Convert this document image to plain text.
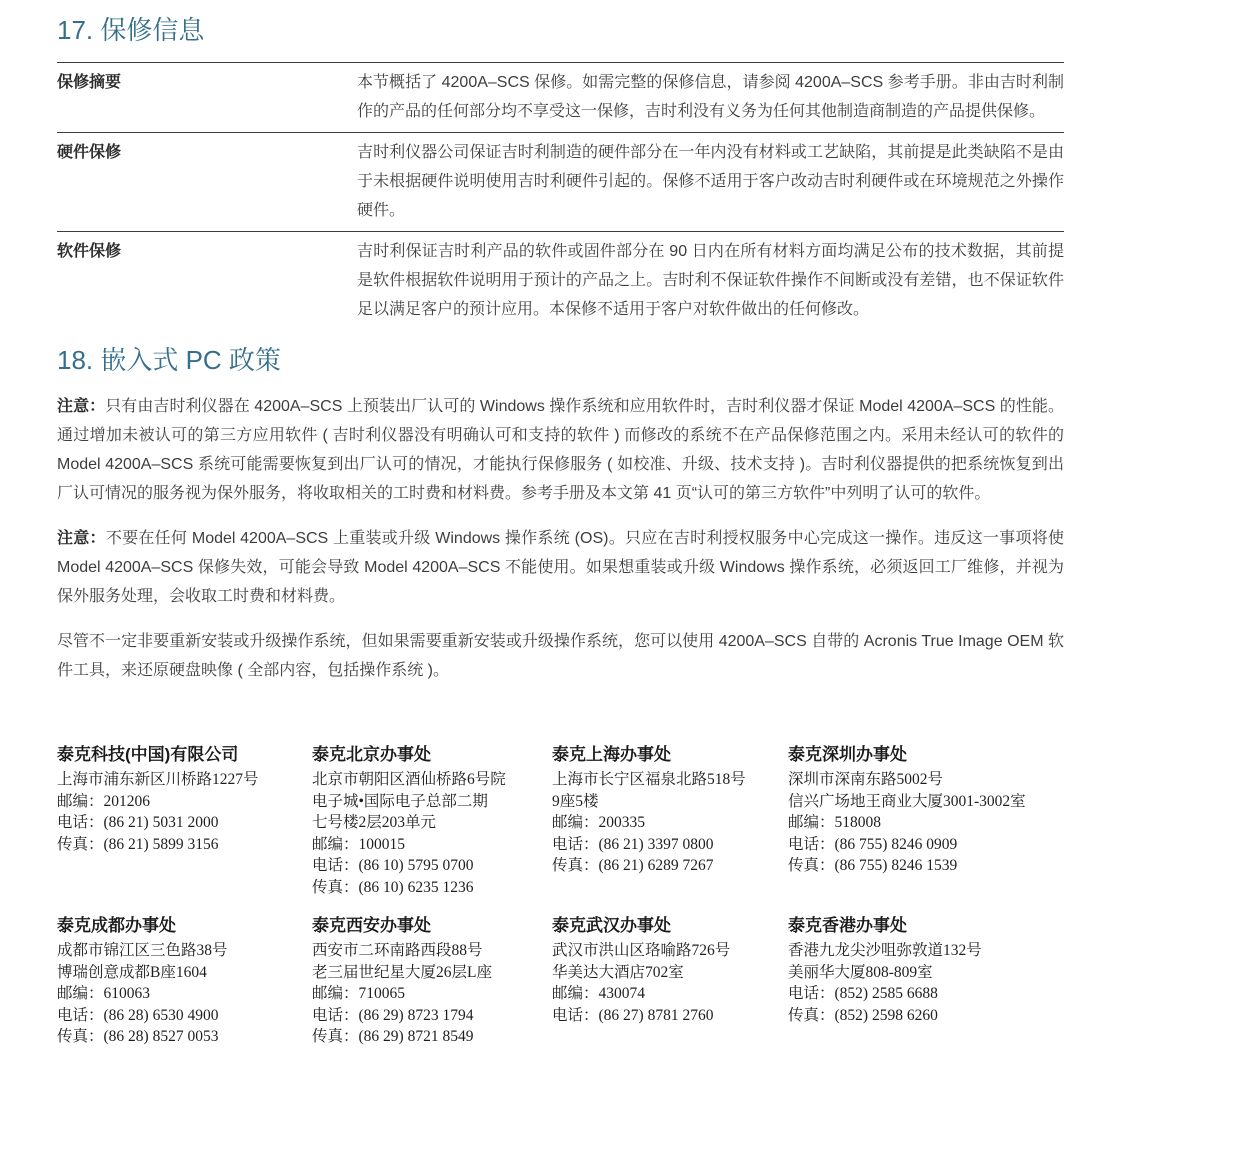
17. 保修信息
保修摘要	本节概括了 4200A–SCS 保修。如需完整的保修信息，请参阅 4200A–SCS 参考手册。非由吉时利制作的产品的任何部分均不享受这一保修，吉时利没有义务为任何其他制造商制造的产品提供保修。
硬件保修	吉时利仪器公司保证吉时利制造的硬件部分在一年内没有材料或工艺缺陷，其前提是此类缺陷不是由于未根据硬件说明使用吉时利硬件引起的。保修不适用于客户改动吉时利硬件或在环境规范之外操作硬件。
软件保修	吉时利保证吉时利产品的软件或固件部分在 90 日内在所有材料方面均满足公布的技术数据，其前提是软件根据软件说明用于预计的产品之上。吉时利不保证软件操作不间断或没有差错，也不保证软件足以满足客户的预计应用。本保修不适用于客户对软件做出的任何修改。
18. 嵌入式 PC 政策

注意：只有由吉时利仪器在 4200A–SCS 上预装出厂认可的 Windows 操作系统和应用软件时，吉时利仪器才保证 Model 4200A–SCS 的性能。通过增加未被认可的第三方应用软件 ( 吉时利仪器没有明确认可和支持的软件 ) 而修改的系统不在产品保修范围之内。采用未经认可的软件的 Model 4200A–SCS 系统可能需要恢复到出厂认可的情况，才能执行保修服务 ( 如校准、升级、技术支持 )。吉时利仪器提供的把系统恢复到出厂认可情况的服务视为保外服务，将收取相关的工时费和材料费。参考手册及本文第 41 页“认可的第三方软件”中列明了认可的软件。

注意：不要在任何 Model 4200A–SCS 上重装或升级 Windows 操作系统 (OS)。只应在吉时利授权服务中心完成这一操作。违反这一事项将使 Model 4200A–SCS 保修失效，可能会导致 Model 4200A–SCS 不能使用。如果想重装或升级 Windows 操作系统，必须返回工厂维修，并视为保外服务处理，会收取工时费和材料费。

尽管不一定非要重新安装或升级操作系统，但如果需要重新安装或升级操作系统，您可以使用 4200A–SCS 自带的 Acronis True Image OEM 软件工具，来还原硬盘映像 ( 全部内容，包括操作系统 )。

泰克科技(中国)有限公司
上海市浦东新区川桥路1227号
邮编：201206
电话：(86 21) 5031 2000
传真：(86 21) 5899 3156
泰克北京办事处
北京市朝阳区酒仙桥路6号院
电子城•国际电子总部二期
七号楼2层203单元
邮编：100015
电话：(86 10) 5795 0700
传真：(86 10) 6235 1236
泰克上海办事处
上海市长宁区福泉北路518号
9座5楼
邮编：200335
电话：(86 21) 3397 0800
传真：(86 21) 6289 7267
泰克深圳办事处
深圳市深南东路5002号
信兴广场地王商业大厦3001-3002室
邮编：518008
电话：(86 755) 8246 0909
传真：(86 755) 8246 1539
泰克成都办事处
成都市锦江区三色路38号
博瑞创意成都B座1604
邮编：610063
电话：(86 28) 6530 4900
传真：(86 28) 8527 0053
泰克西安办事处
西安市二环南路西段88号
老三届世纪星大厦26层L座
邮编：710065
电话：(86 29) 8723 1794
传真：(86 29) 8721 8549
泰克武汉办事处
武汉市洪山区珞喻路726号
华美达大酒店702室
邮编：430074
电话：(86 27) 8781 2760
泰克香港办事处
香港九龙尖沙咀弥敦道132号
美丽华大厦808-809室
电话：(852) 2585 6688
传真：(852) 2598 6260
